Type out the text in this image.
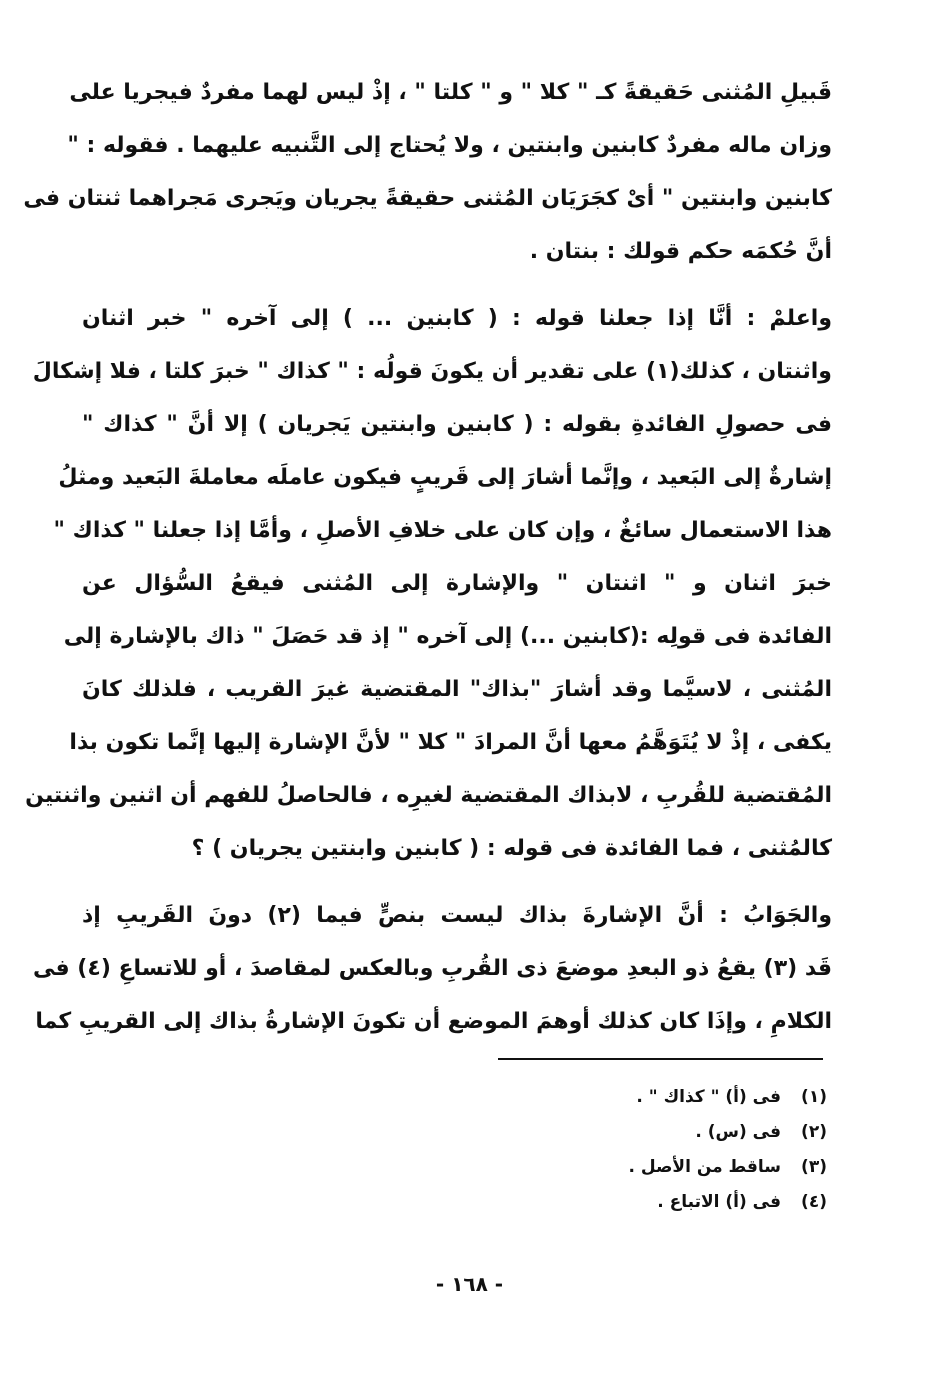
قَبيلِ المُثنى حَقيقةً كـ " كلا " و " كلتا " ، إذْ ليس لهما مفردٌ فيجريا على
وزان ماله مفردٌ كابنين وابنتين ، ولا يُحتاج إلى التَّنبيه عليهما . فقوله : "
كابنين وابنتين " أىْ كجَرَيَان المُثنى حقيقةً يجريان ويَجرى مَجراهما ثنتان فى
أنَّ حُكمَه حكم قولك : بنتان .

واعلمْ : أنَّا إذا جعلنا قوله : ( كابنين ... ) إلى آخره " خبر اثنان
واثنتان ، كذلك(١) على تقدير أن يكونَ قولُه : " كذاك " خبرَ كلتا ، فلا إشكالَ
فى حصولِ الفائدةِ بقوله : ( كابنين وابنتين يَجريان ) إلا أنَّ " كذاك "
إشارةٌ إلى البَعيد ، وإنَّما أشارَ إلى قَريبٍ فيكون عاملَه معاملةَ البَعيد ومثلُ
هذا الاستعمال سائغٌ ، وإن كان على خلافِ الأصلِ ، وأمَّا إذا جعلنا " كذاك "
خبرَ اثنان و " اثنتان " والإشارة إلى المُثنى فيقعُ السُّؤال عن
الفائدة فى قولِه :(كابنين ...) إلى آخره " إذ قد حَصَلَ " ذاك بالإشارة إلى
المُثنى ، لاسيَّما وقد أشارَ "بذاك" المقتضية غيرَ القريب ، فلذلك كانَ
يكفى ، إذْ لا يُتَوَهَّمُ معها أنَّ المرادَ " كلا " لأنَّ الإشارة إليها إنَّما تكون بذا
المُقتضية للقُربِ ، لابذاك المقتضية لغيرِه ، فالحاصلُ للفهم أن اثنين واثنتين
كالمُثنى ، فما الفائدة فى قوله : ( كابنين وابنتين يجريان ) ؟

والجَوَابُ : أنَّ الإشارةَ بذاك ليست بنصٍّ فيما (٢) دونَ القَريبِ إذ
قَد (٣) يقعُ ذو البعدِ موضعَ ذى القُربِ وبالعكس لمقاصدَ ، أو للاتساعِ (٤) فى
الكلامِ ، وإذَا كان كذلك أوهمَ الموضع أن تكونَ الإشارةُ بذاك إلى القريبِ كما

(١)فى (أ) " كذاك " .
(٢)فى (س) .
(٣)ساقط من الأصل .
(٤)فى (أ) الاتباع .
- ١٦٨ -
